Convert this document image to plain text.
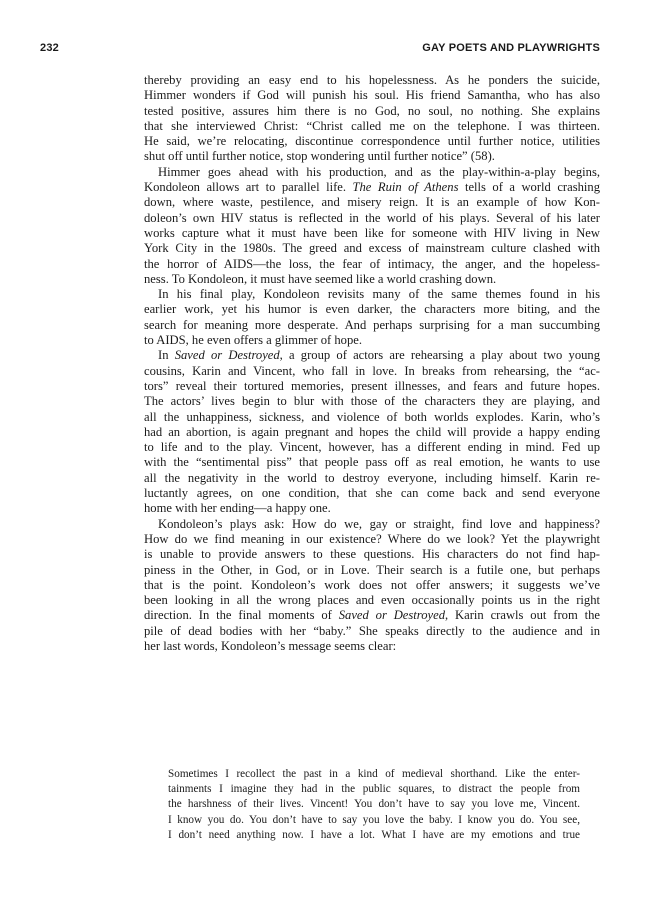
232	GAY POETS AND PLAYWRIGHTS
thereby providing an easy end to his hopelessness. As he ponders the suicide,
Himmer wonders if God will punish his soul. His friend Samantha, who has also
tested positive, assures him there is no God, no soul, no nothing. She explains
that she interviewed Christ: “Christ called me on the telephone. I was thirteen.
He said, we’re relocating, discontinue correspondence until further notice, utilities
shut off until further notice, stop wondering until further notice” (58).
Himmer goes ahead with his production, and as the play-within-a-play begins,
Kondoleon allows art to parallel life. The Ruin of Athens tells of a world crashing
down, where waste, pestilence, and misery reign. It is an example of how Kon-
doleon’s own HIV status is reflected in the world of his plays. Several of his later
works capture what it must have been like for someone with HIV living in New
York City in the 1980s. The greed and excess of mainstream culture clashed with
the horror of AIDS—the loss, the fear of intimacy, the anger, and the hopeless-
ness. To Kondoleon, it must have seemed like a world crashing down.
In his final play, Kondoleon revisits many of the same themes found in his
earlier work, yet his humor is even darker, the characters more biting, and the
search for meaning more desperate. And perhaps surprising for a man succumbing
to AIDS, he even offers a glimmer of hope.
In Saved or Destroyed, a group of actors are rehearsing a play about two young
cousins, Karin and Vincent, who fall in love. In breaks from rehearsing, the “ac-
tors” reveal their tortured memories, present illnesses, and fears and future hopes.
The actors’ lives begin to blur with those of the characters they are playing, and
all the unhappiness, sickness, and violence of both worlds explodes. Karin, who’s
had an abortion, is again pregnant and hopes the child will provide a happy ending
to life and to the play. Vincent, however, has a different ending in mind. Fed up
with the “sentimental piss” that people pass off as real emotion, he wants to use
all the negativity in the world to destroy everyone, including himself. Karin re-
luctantly agrees, on one condition, that she can come back and send everyone
home with her ending—a happy one.
Kondoleon’s plays ask: How do we, gay or straight, find love and happiness?
How do we find meaning in our existence? Where do we look? Yet the playwright
is unable to provide answers to these questions. His characters do not find hap-
piness in the Other, in God, or in Love. Their search is a futile one, but perhaps
that is the point. Kondoleon’s work does not offer answers; it suggests we’ve
been looking in all the wrong places and even occasionally points us in the right
direction. In the final moments of Saved or Destroyed, Karin crawls out from the
pile of dead bodies with her “baby.” She speaks directly to the audience and in
her last words, Kondoleon’s message seems clear:
Sometimes I recollect the past in a kind of medieval shorthand. Like the enter-
tainments I imagine they had in the public squares, to distract the people from
the harshness of their lives. Vincent! You don’t have to say you love me, Vincent.
I know you do. You don’t have to say you love the baby. I know you do. You see,
I don’t need anything now. I have a lot. What I have are my emotions and true
